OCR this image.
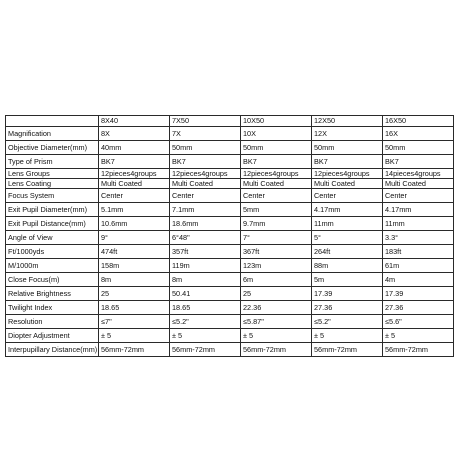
	8X40	7X50	10X50	12X50	16X50
Magnification	8X	7X	10X	12X	16X
Objective Diameter(mm)	40mm	50mm	50mm	50mm	50mm
Type of Prism	BK7	BK7	BK7	BK7	BK7
Lens Groups	12pieces4groups	12pieces4groups	12pieces4groups	12pieces4groups	14pieces4groups
Lens Coating	Multi Coated	Multi Coated	Multi Coated	Multi Coated	Multi Coated
Focus System	Center	Center	Center	Center	Center
Exit Pupil Diameter(mm)	5.1mm	7.1mm	5mm	4.17mm	4.17mm
Exit Pupil Distance(mm)	10.6mm	18.6mm	9.7mm	11mm	11mm
Angle of View	9°	6°48"	7°	5°	3.3°
Ft/1000yds	474ft	357ft	367ft	264ft	183ft
M/1000m	158m	119m	123m	88m	61m
Close Focus(m)	8m	8m	6m	5m	4m
Relative Brightness	25	50.41	25	17.39	17.39
Twilight Index	18.65	18.65	22.36	27.36	27.36
Resolution	≤7"	≤5.2"	≤5.87"	≤5.2"	≤5.6"
Diopter Adjustment	± 5	± 5	± 5	± 5	± 5
Interpupillary Distance(mm)	56mm-72mm	56mm-72mm	56mm-72mm	56mm-72mm	56mm-72mm
